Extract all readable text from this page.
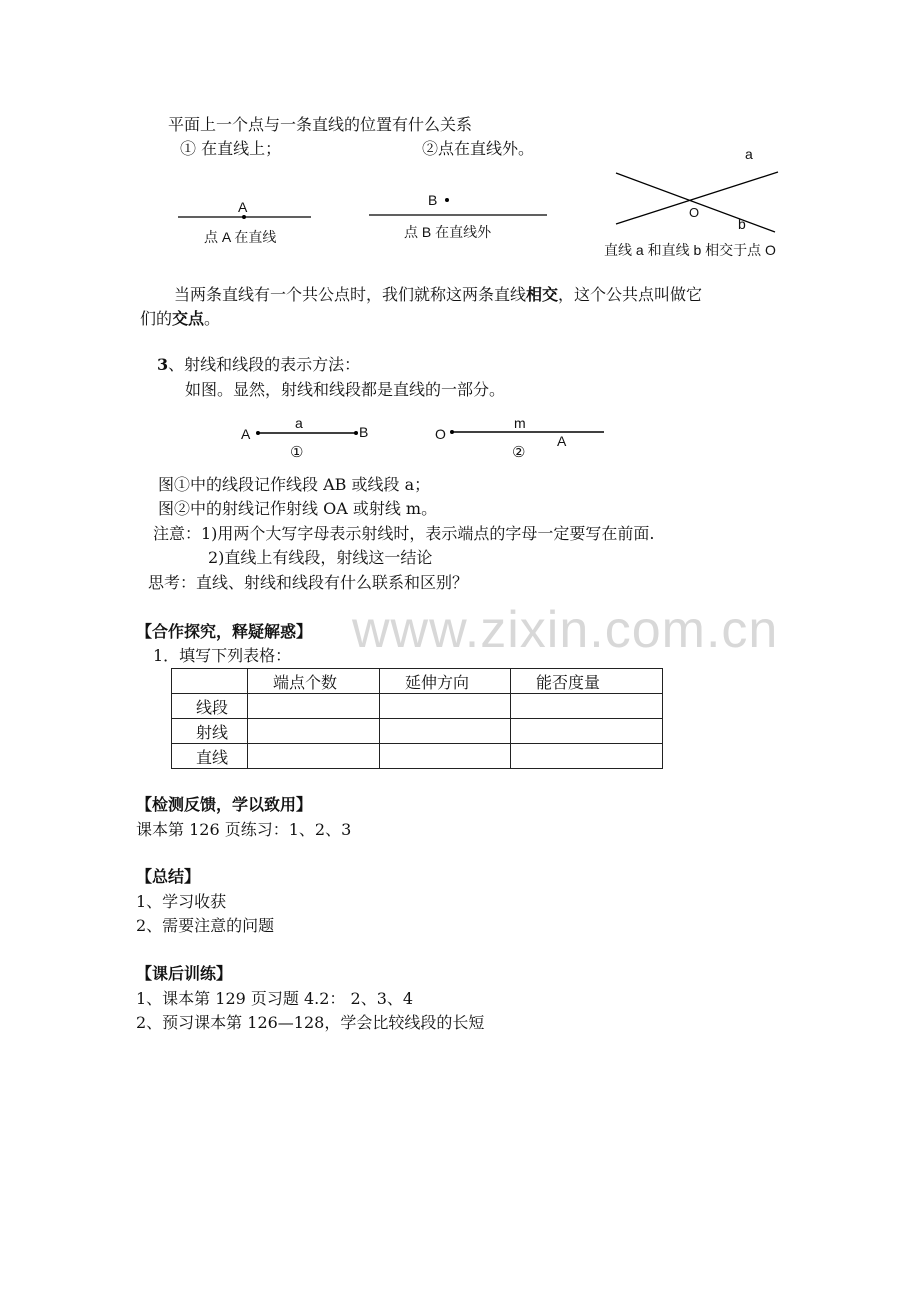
平面上一个点与一条直线的位置有什么关系
① 在直线上；	②点在直线外。
A
点 A 在直线
B
点 B 在直线外
a
O
b
直线 a 和直线 b 相交于点 O
当两条直线有一个共公点时，我们就称这两条直线相交，这个公共点叫做它
们的交点。
3、射线和线段的表示方法：
如图。显然，射线和线段都是直线的一部分。
A
a
B
①
O
m
A
②
图①中的线段记作线段 AB 或线段 a；
图②中的射线记作射线 OA 或射线 m。
注意：1)用两个大写字母表示射线时，表示端点的字母一定要写在前面.
2)直线上有线段，射线这一结论
思考：直线、射线和线段有什么联系和区别？
www.zixin.com.cn
【合作探究，释疑解惑】
1．填写下列表格：
	端点个数	延伸方向	能否度量
线段			
射线			
直线			
【检测反馈，学以致用】
课本第 126 页练习：1、2、3
【总结】
1、学习收获
2、需要注意的问题
【课后训练】
1、课本第 129 页习题 4.2： 2、3、4
2、预习课本第 126—128，学会比较线段的长短
